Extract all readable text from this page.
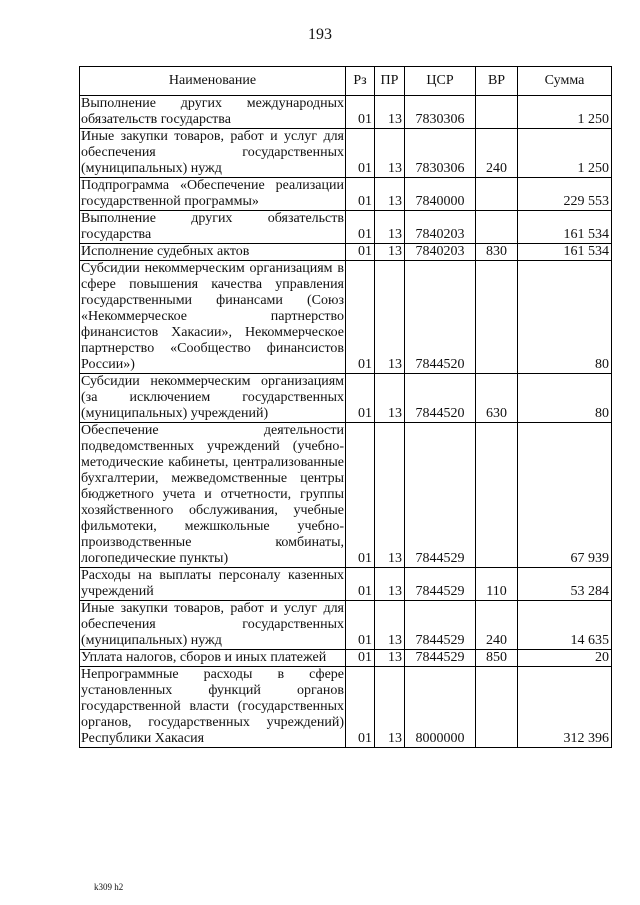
193
Наименование	Рз	ПР	ЦСР	ВР	Сумма
Выполнение других международных обязательств государства	01	13	7830306		1 250
Иные закупки товаров, работ и услуг для обеспечения государственных (муниципальных) нужд	01	13	7830306	240	1 250
Подпрограмма «Обеспечение реализации государственной программы»	01	13	7840000		229 553
Выполнение других обязательств государства	01	13	7840203		161 534
Исполнение судебных актов	01	13	7840203	830	161 534
Субсидии некоммерческим организациям в сфере повышения качества управления государственными финансами (Союз «Некоммерческое партнерство финансистов Хакасии», Некоммерческое партнерство «Сообщество финансистов России»)	01	13	7844520		80
Субсидии некоммерческим организациям (за исключением государственных (муниципальных) учреждений)	01	13	7844520	630	80
Обеспечение деятельности подведомственных учреждений (учебно-методические кабинеты, централизованные бухгалтерии, межведомственные центры бюджетного учета и отчетности, группы хозяйственного обслуживания, учебные фильмотеки, межшкольные учебно-производственные комбинаты, логопедические пункты)	01	13	7844529		67 939
Расходы на выплаты персоналу казенных учреждений	01	13	7844529	110	53 284
Иные закупки товаров, работ и услуг для обеспечения государственных (муниципальных) нужд	01	13	7844529	240	14 635
Уплата налогов, сборов и иных платежей	01	13	7844529	850	20
Непрограммные расходы в сфере установленных функций органов государственной власти (государственных органов, государственных учреждений) Республики Хакасия	01	13	8000000		312 396
k309 h2
